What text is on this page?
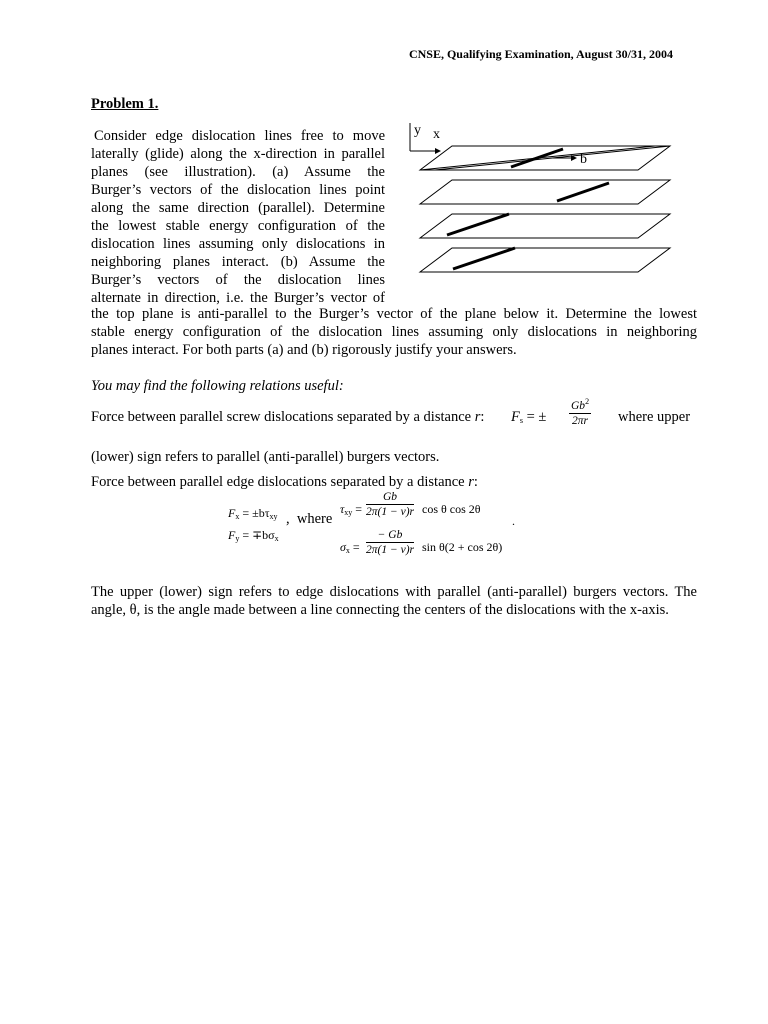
CNSE, Qualifying Examination, August 30/31, 2004
Problem 1.
Consider edge dislocation lines free to move
laterally (glide) along the x-direction in parallel
planes (see illustration). (a) Assume the
Burger’s vectors of the dislocation lines point
along the same direction (parallel). Determine
the lowest stable energy configuration of the
dislocation lines assuming only dislocations in
neighboring planes interact. (b) Assume the
Burger’s vectors of the dislocation lines
alternate in direction, i.e. the Burger’s vector of
y x
b
the top plane is anti-parallel to the Burger’s vector of the plane below it. Determine the lowest
stable energy configuration of the dislocation lines assuming only dislocations in neighboring
planes interact. For both parts (a) and (b) rigorously justify your answers.
You may find the following relations useful:
Force between parallel screw dislocations separated by a distance r: $F_s$ = ± $\frac{Gb^2}{2\pi r}$ where upper
(lower) sign refers to parallel (anti-parallel) burgers vectors.
Force between parallel edge dislocations separated by a distance r:
$F_x = \pm b\tau_{xy}$
$F_y = \mp b\sigma_x$
, where
$\tau_{xy} = \frac{Gb}{2\pi(1 - \nu)r}$ cos θ cos 2θ
.
$\sigma_x = \frac{- Gb}{2\pi(1 - \nu)r}$ sin θ(2 + cos 2θ)
The upper (lower) sign refers to edge dislocations with parallel (anti-parallel) burgers vectors. The
angle, θ, is the angle made between a line connecting the centers of the dislocations with the x-axis.
